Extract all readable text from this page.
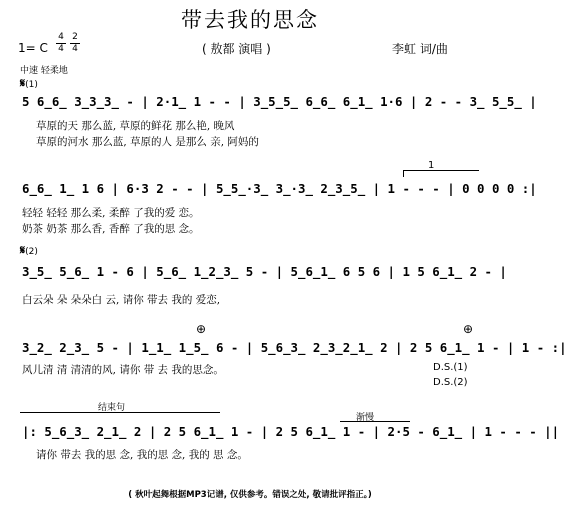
带去我的思念
( 敖都 演唱 )	李虹 词/曲
1= C
4
4
2
4
中速 轻柔地
𝄋(1)
5 6̲6̲ 3̲3̲3̲ - | 2·1̲ 1 - - | 3̲5̲5̲ 6̲6̲ 6̲1̲ 1·6 | 2 - - 3̲ 5̲5̲ |
草原的天 那么蓝, 草原的鲜花 那么艳, 晚风
草原的河水 那么蓝, 草原的人 是那么 亲, 阿妈的
1
6̲6̲ 1̲ 1 6 | 6·3 2 - - | 5̲5̲·3̲ 3̲·3̲ 2̲3̲5̲ | 1 - - - | 0 0 0 0 :|
轻轻 轻轻 那么柔, 柔醉 了我的爱 恋。
奶茶 奶茶 那么香, 香醉 了我的思 念。
𝄋(2)
3̲5̲ 5̲6̲ 1 - 6 | 5̲6̲ 1̲2̲3̲ 5 - | 5̲6̲1̲ 6 5 6 | 1 5 6̲1̲ 2 - |
白云朵 朵 朵朵白 云, 请你 带去 我的 爱恋,
⊕	⊕
3̲2̲ 2̲3̲ 5 - | 1̲1̲ 1̲5̲ 6 - | 5̲6̲3̲ 2̲3̲2̲1̲ 2 | 2 5 6̲1̲ 1 - | 1 - :|
风儿清 清 清清的风, 请你 带 去 我的思念。	D.S.(1)
D.S.(2)
结束句
渐慢
|: 5̲6̲3̲ 2̲1̲ 2 | 2 5 6̲1̲ 1 - | 2 5 6̲1̲ 1 - | 2·5 - 6̲1̲ | 1 - - - ||
请你 带去 我的思 念, 我的思 念, 我的 思 念。
( 秋叶起舞根据MP3记谱, 仅供参考。错误之处, 敬请批评指正。)
